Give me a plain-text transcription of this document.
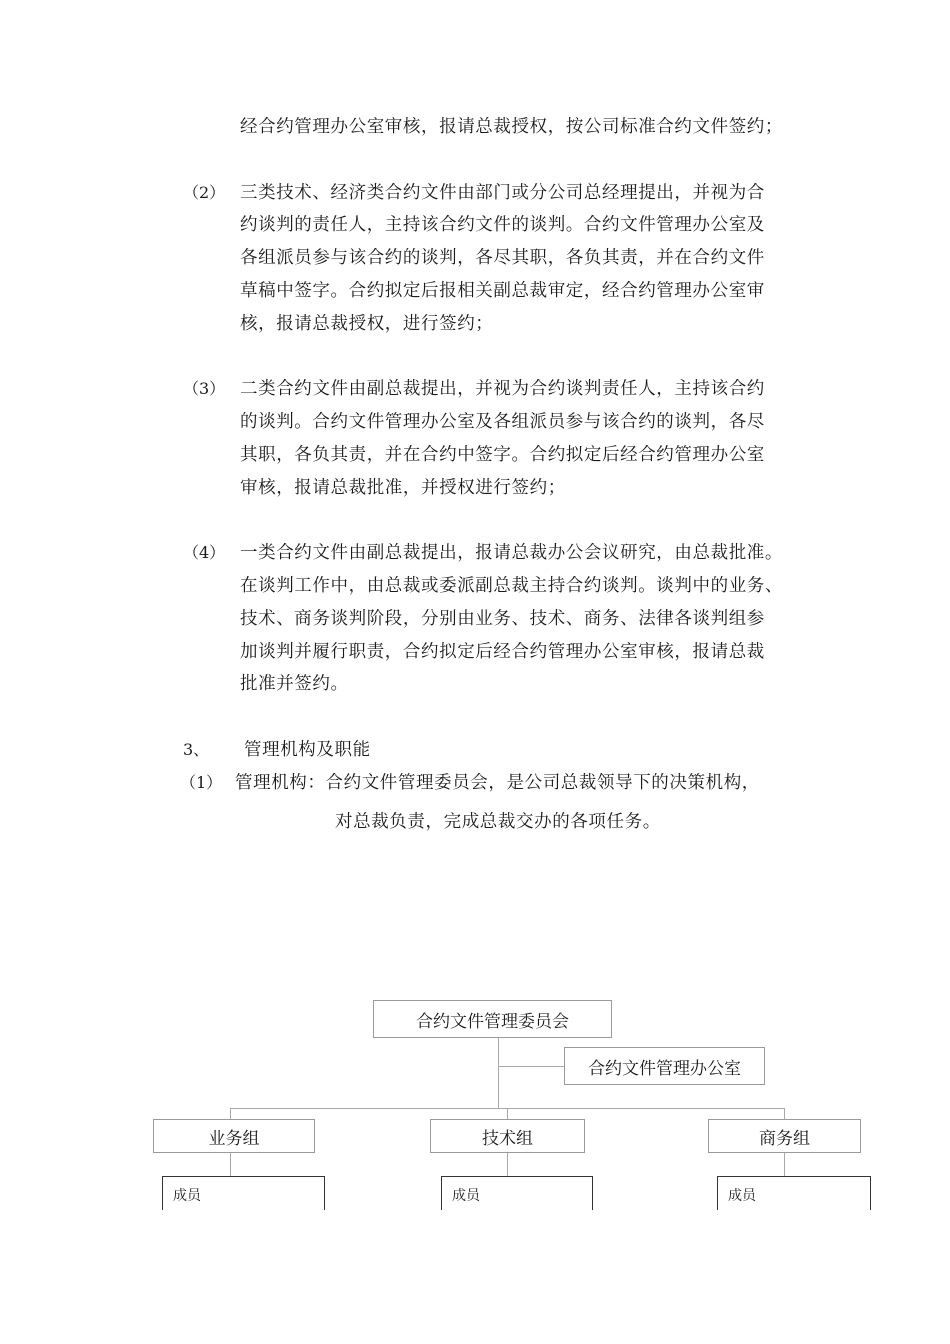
经合约管理办公室审核，报请总裁授权，按公司标准合约文件签约；
（2） 三类技术、经济类合约文件由部门或分公司总经理提出，并视为合
约谈判的责任人，主持该合约文件的谈判。合约文件管理办公室及
各组派员参与该合约的谈判，各尽其职，各负其责，并在合约文件
草稿中签字。合约拟定后报相关副总裁审定，经合约管理办公室审
核，报请总裁授权，进行签约；
（3） 二类合约文件由副总裁提出，并视为合约谈判责任人，主持该合约
的谈判。合约文件管理办公室及各组派员参与该合约的谈判，各尽
其职，各负其责，并在合约中签字。合约拟定后经合约管理办公室
审核，报请总裁批准，并授权进行签约；
（4） 一类合约文件由副总裁提出，报请总裁办公会议研究，由总裁批准。
在谈判工作中，由总裁或委派副总裁主持合约谈判。谈判中的业务、
技术、商务谈判阶段，分别由业务、技术、商务、法律各谈判组参
加谈判并履行职责，合约拟定后经合约管理办公室审核，报请总裁
批准并签约。
3、 管理机构及职能
（1） 管理机构：合约文件管理委员会，是公司总裁领导下的决策机构，
对总裁负责，完成总裁交办的各项任务。
合约文件管理委员会
合约文件管理办公室
业务组	技术组	商务组
成员	成员	成员
